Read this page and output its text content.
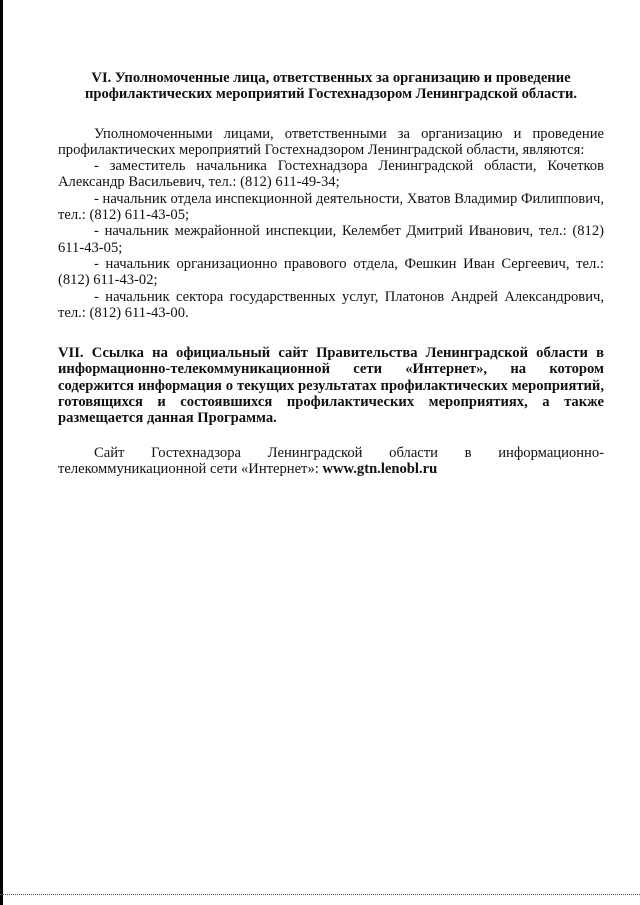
VI. Уполномоченные лица, ответственных за организацию и проведение профилактических мероприятий Гостехнадзором Ленинградской области.

Уполномоченными лицами, ответственными за организацию и проведение профилактических мероприятий Гостехнадзором Ленинградской области, являются:

- заместитель начальника Гостехнадзора Ленинградской области, Кочетков Александр Васильевич, тел.: (812) 611-49-34;

- начальник отдела инспекционной деятельности, Хватов Владимир Филиппович, тел.: (812) 611-43-05;

- начальник межрайонной инспекции, Келембет Дмитрий Иванович, тел.: (812) 611-43-05;

- начальник организационно правового отдела, Фешкин Иван Сергеевич, тел.: (812) 611-43-02;

- начальник сектора государственных услуг, Платонов Андрей Александрович, тел.: (812) 611-43-00.

VII. Ссылка на официальный сайт Правительства Ленинградской области в информационно-телекоммуникационной сети «Интернет», на котором содержится информация о текущих результатах профилактических мероприятий, готовящихся и состоявшихся профилактических мероприятиях, а также размещается данная Программа.

Сайт Гостехнадзора Ленинградской области в информационно-телекоммуникационной сети «Интернет»: www.gtn.lenobl.ru
